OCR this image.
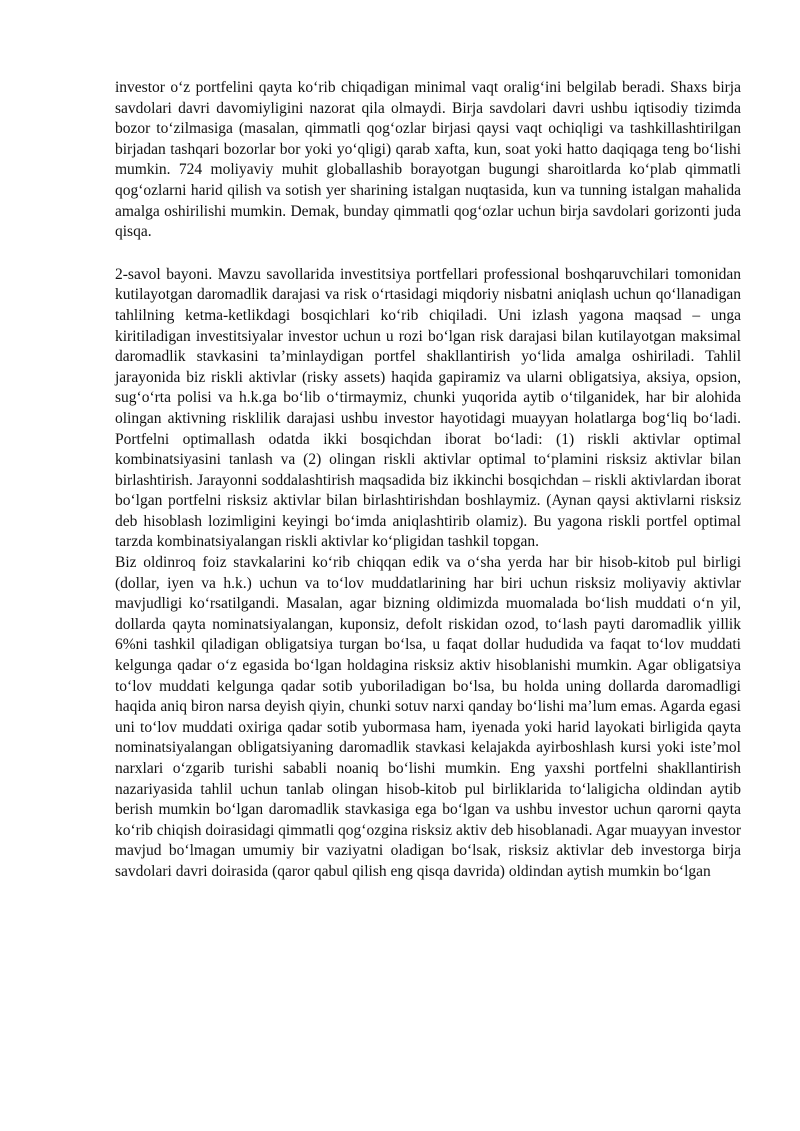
investor o‘z portfelini qayta ko‘rib chiqadigan minimal vaqt oralig‘ini belgilab beradi. Shaxs birja savdolari davri davomiyligini nazorat qila olmaydi. Birja savdolari davri ushbu iqtisodiy tizimda bozor to‘zilmasiga (masalan, qimmatli qog‘ozlar birjasi qaysi vaqt ochiqligi va tashkillashtirilgan birjadan tashqari bozorlar bor yoki yo‘qligi) qarab xafta, kun, soat yoki hatto daqiqaga teng bo‘lishi mumkin. 724 moliyaviy muhit globallashib borayotgan bugungi sharoitlarda ko‘plab qimmatli qog‘ozlarni harid qilish va sotish yer sharining istalgan nuqtasida, kun va tunning istalgan mahalida amalga oshirilishi mumkin. Demak, bunday qimmatli qog‘ozlar uchun birja savdolari gorizonti juda qisqa.

2-savol bayoni. Mavzu savollarida investitsiya portfellari professional boshqaruvchilari tomonidan kutilayotgan daromadlik darajasi va risk o‘rtasidagi miqdoriy nisbatni aniqlash uchun qo‘llanadigan tahlilning ketma-ketlikdagi bosqichlari ko‘rib chiqiladi. Uni izlash yagona maqsad – unga kiritiladigan investitsiyalar investor uchun u rozi bo‘lgan risk darajasi bilan kutilayotgan maksimal daromadlik stavkasini ta’minlaydigan portfel shakllantirish yo‘lida amalga oshiriladi. Tahlil jarayonida biz riskli aktivlar (risky assets) haqida gapiramiz va ularni obligatsiya, aksiya, opsion, sug‘o‘rta polisi va h.k.ga bo‘lib o‘tirmaymiz, chunki yuqorida aytib o‘tilganidek, har bir alohida olingan aktivning risklilik darajasi ushbu investor hayotidagi muayyan holatlarga bog‘liq bo‘ladi. Portfelni optimallash odatda ikki bosqichdan iborat bo‘ladi: (1) riskli aktivlar optimal kombinatsiyasini tanlash va (2) olingan riskli aktivlar optimal to‘plamini risksiz aktivlar bilan birlashtirish. Jarayonni soddalashtirish maqsadida biz ikkinchi bosqichdan – riskli aktivlardan iborat bo‘lgan portfelni risksiz aktivlar bilan birlashtirishdan boshlaymiz. (Aynan qaysi aktivlarni risksiz deb hisoblash lozimligini keyingi bo‘imda aniqlashtirib olamiz). Bu yagona riskli portfel optimal tarzda kombinatsiyalangan riskli aktivlar ko‘pligidan tashkil topgan.

Biz oldinroq foiz stavkalarini ko‘rib chiqqan edik va o‘sha yerda har bir hisob-kitob pul birligi (dollar, iyen va h.k.) uchun va to‘lov muddatlarining har biri uchun risksiz moliyaviy aktivlar mavjudligi ko‘rsatilgandi. Masalan, agar bizning oldimizda muomalada bo‘lish muddati o‘n yil, dollarda qayta nominatsiyalangan, kuponsiz, defolt riskidan ozod, to‘lash payti daromadlik yillik 6%ni tashkil qiladigan obligatsiya turgan bo‘lsa, u faqat dollar hududida va faqat to‘lov muddati kelgunga qadar o‘z egasida bo‘lgan holdagina risksiz aktiv hisoblanishi mumkin. Agar obligatsiya to‘lov muddati kelgunga qadar sotib yuboriladigan bo‘lsa, bu holda uning dollarda daromadligi haqida aniq biron narsa deyish qiyin, chunki sotuv narxi qanday bo‘lishi ma’lum emas. Agarda egasi uni to‘lov muddati oxiriga qadar sotib yubormasa ham, iyenada yoki harid layokati birligida qayta nominatsiyalangan obligatsiyaning daromadlik stavkasi kelajakda ayirboshlash kursi yoki iste’mol narxlari o‘zgarib turishi sababli noaniq bo‘lishi mumkin. Eng yaxshi portfelni shakllantirish nazariyasida tahlil uchun tanlab olingan hisob-kitob pul birliklarida to‘laligicha oldindan aytib berish mumkin bo‘lgan daromadlik stavkasiga ega bo‘lgan va ushbu investor uchun qarorni qayta ko‘rib chiqish doirasidagi qimmatli qog‘ozgina risksiz aktiv deb hisoblanadi. Agar muayyan investor mavjud bo‘lmagan umumiy bir vaziyatni oladigan bo‘lsak, risksiz aktivlar deb investorga birja savdolari davri doirasida (qaror qabul qilish eng qisqa davrida) oldindan aytish mumkin bo‘lgan
